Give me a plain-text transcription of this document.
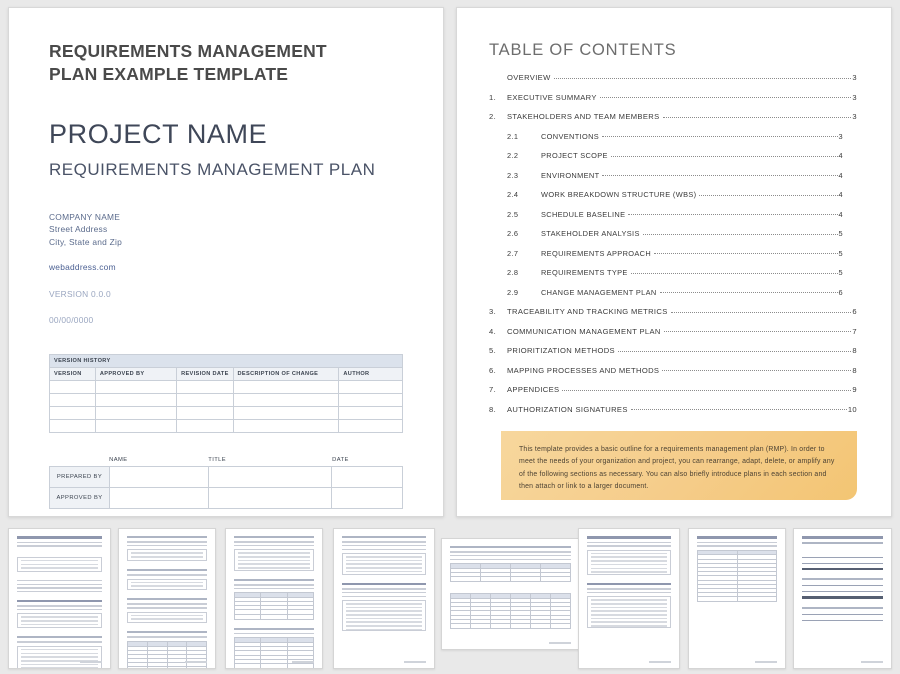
REQUIREMENTS MANAGEMENT PLAN EXAMPLE TEMPLATE
PROJECT NAME
REQUIREMENTS MANAGEMENT PLAN
COMPANY NAME
Street Address
City, State and Zip
webaddress.com
VERSION 0.0.0
00/00/0000
VERSION HISTORY				
VERSION	APPROVED BY	REVISION DATE	DESCRIPTION OF CHANGE	AUTHOR

NAME	TITLE	DATE
PREPARED BY			
APPROVED BY			
TABLE OF CONTENTS
OVERVIEW	3
1.	EXECUTIVE SUMMARY	3
2.	STAKEHOLDERS AND TEAM MEMBERS	3
2.1	CONVENTIONS	3
2.2	PROJECT SCOPE	4
2.3	ENVIRONMENT	4
2.4	WORK BREAKDOWN STRUCTURE (WBS)	4
2.5	SCHEDULE BASELINE	4
2.6	STAKEHOLDER ANALYSIS	5
2.7	REQUIREMENTS APPROACH	5
2.8	REQUIREMENTS TYPE	5
2.9	CHANGE MANAGEMENT PLAN	6
3.	TRACEABILITY AND TRACKING METRICS	6
4.	COMMUNICATION MANAGEMENT PLAN	7
5.	PRIORITIZATION METHODS	8
6.	MAPPING PROCESSES AND METHODS	8
7.	APPENDICES	9
8.	AUTHORIZATION SIGNATURES	10

This template provides a basic outline for a requirements management plan (RMP). In order to meet the needs of your organization and project, you can rearrange, adapt, delete, or amplify any of the following sections as necessary. You can also briefly introduce plans in each section and then attach or link to a larger document.
